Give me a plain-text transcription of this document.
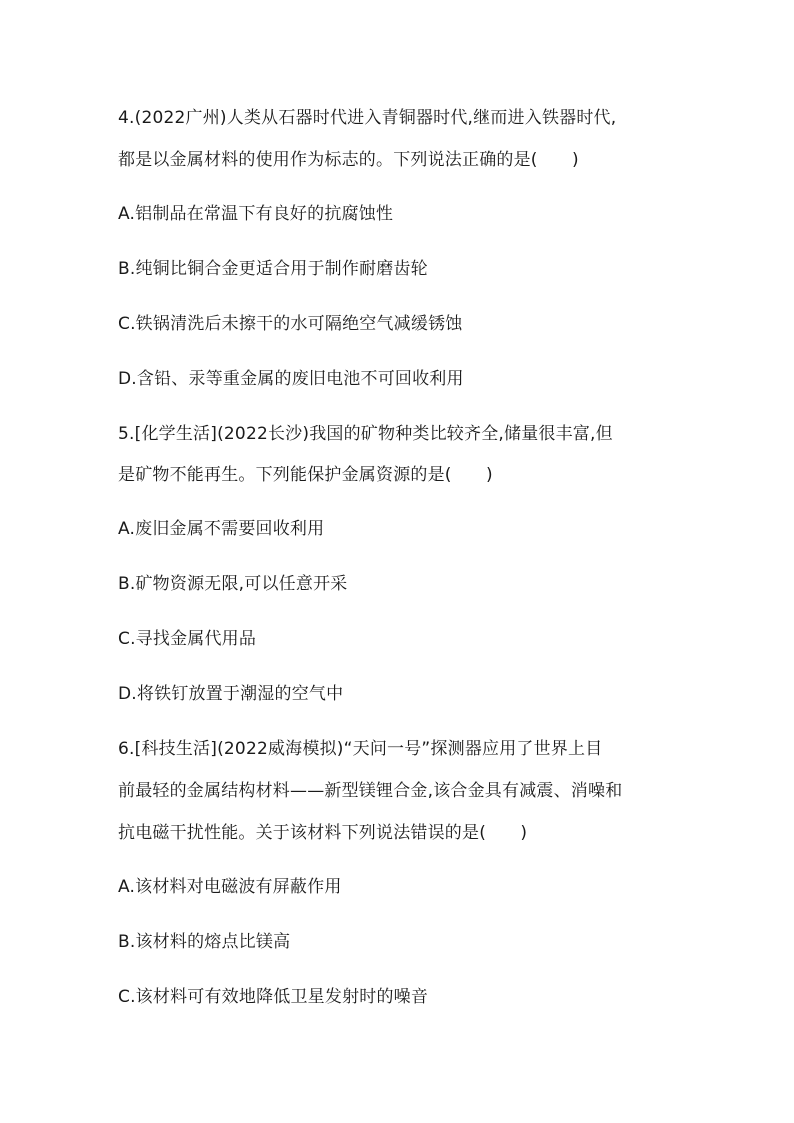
4.(2022广州)人类从石器时代进入青铜器时代,继而进入铁器时代,
都是以金属材料的使用作为标志的。下列说法正确的是(　　)
A.铝制品在常温下有良好的抗腐蚀性
B.纯铜比铜合金更适合用于制作耐磨齿轮
C.铁锅清洗后未擦干的水可隔绝空气减缓锈蚀
D.含铅、汞等重金属的废旧电池不可回收利用
5.[化学生活](2022长沙)我国的矿物种类比较齐全,储量很丰富,但
是矿物不能再生。下列能保护金属资源的是(　　)
A.废旧金属不需要回收利用
B.矿物资源无限,可以任意开采
C.寻找金属代用品
D.将铁钉放置于潮湿的空气中
6.[科技生活](2022威海模拟)“天问一号”探测器应用了世界上目
前最轻的金属结构材料——新型镁锂合金,该合金具有减震、消噪和
抗电磁干扰性能。关于该材料下列说法错误的是(　　)
A.该材料对电磁波有屏蔽作用
B.该材料的熔点比镁高
C.该材料可有效地降低卫星发射时的噪音
